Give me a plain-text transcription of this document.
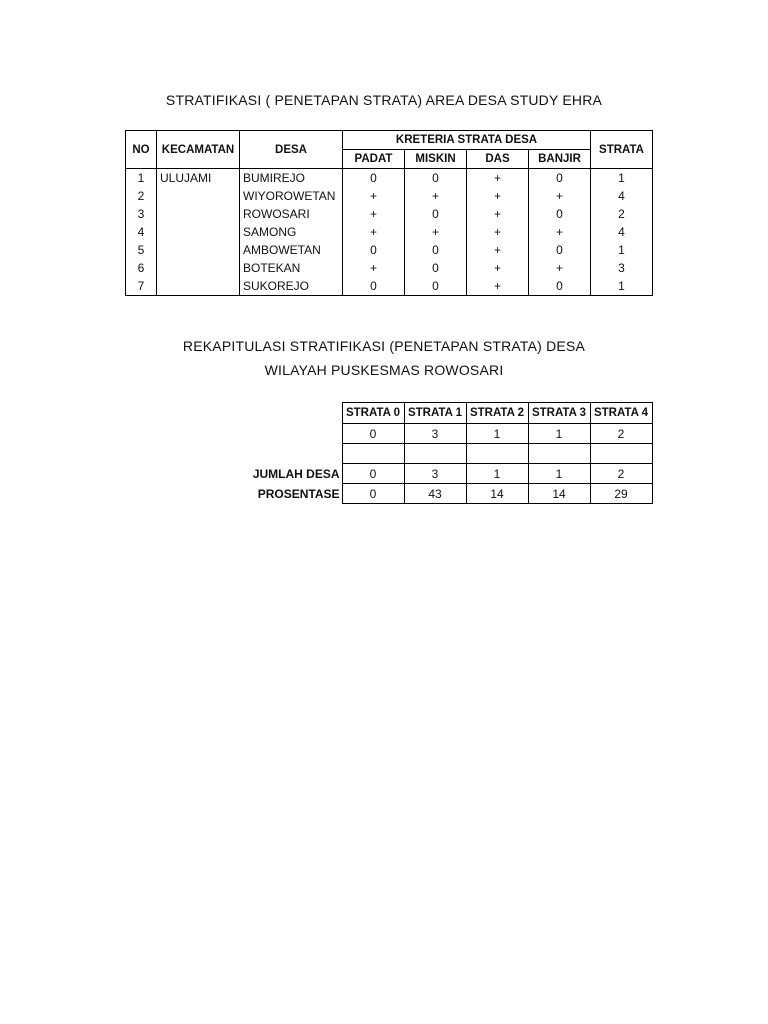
STRATIFIKASI ( PENETAPAN STRATA) AREA DESA STUDY EHRA
NO	KECAMATAN	DESA	KRETERIA STRATA DESA				STRATA
			PADAT	MISKIN	DAS	BANJIR	
1	ULUJAMI	BUMIREJO	0	0	+	0	1
2		WIYOROWETAN	+	+	+	+	4
3		ROWOSARI	+	0	+	0	2
4		SAMONG	+	+	+	+	4
5		AMBOWETAN	0	0	+	0	1
6		BOTEKAN	+	0	+	+	3
7		SUKOREJO	0	0	+	0	1
REKAPITULASI STRATIFIKASI (PENETAPAN STRATA) DESA
WILAYAH PUSKESMAS ROWOSARI
	STRATA 0	STRATA 1	STRATA 2	STRATA 3	STRATA 4
	0	3	1	1	2

JUMLAH DESA	0	3	1	1	2
PROSENTASE	0	43	14	14	29
